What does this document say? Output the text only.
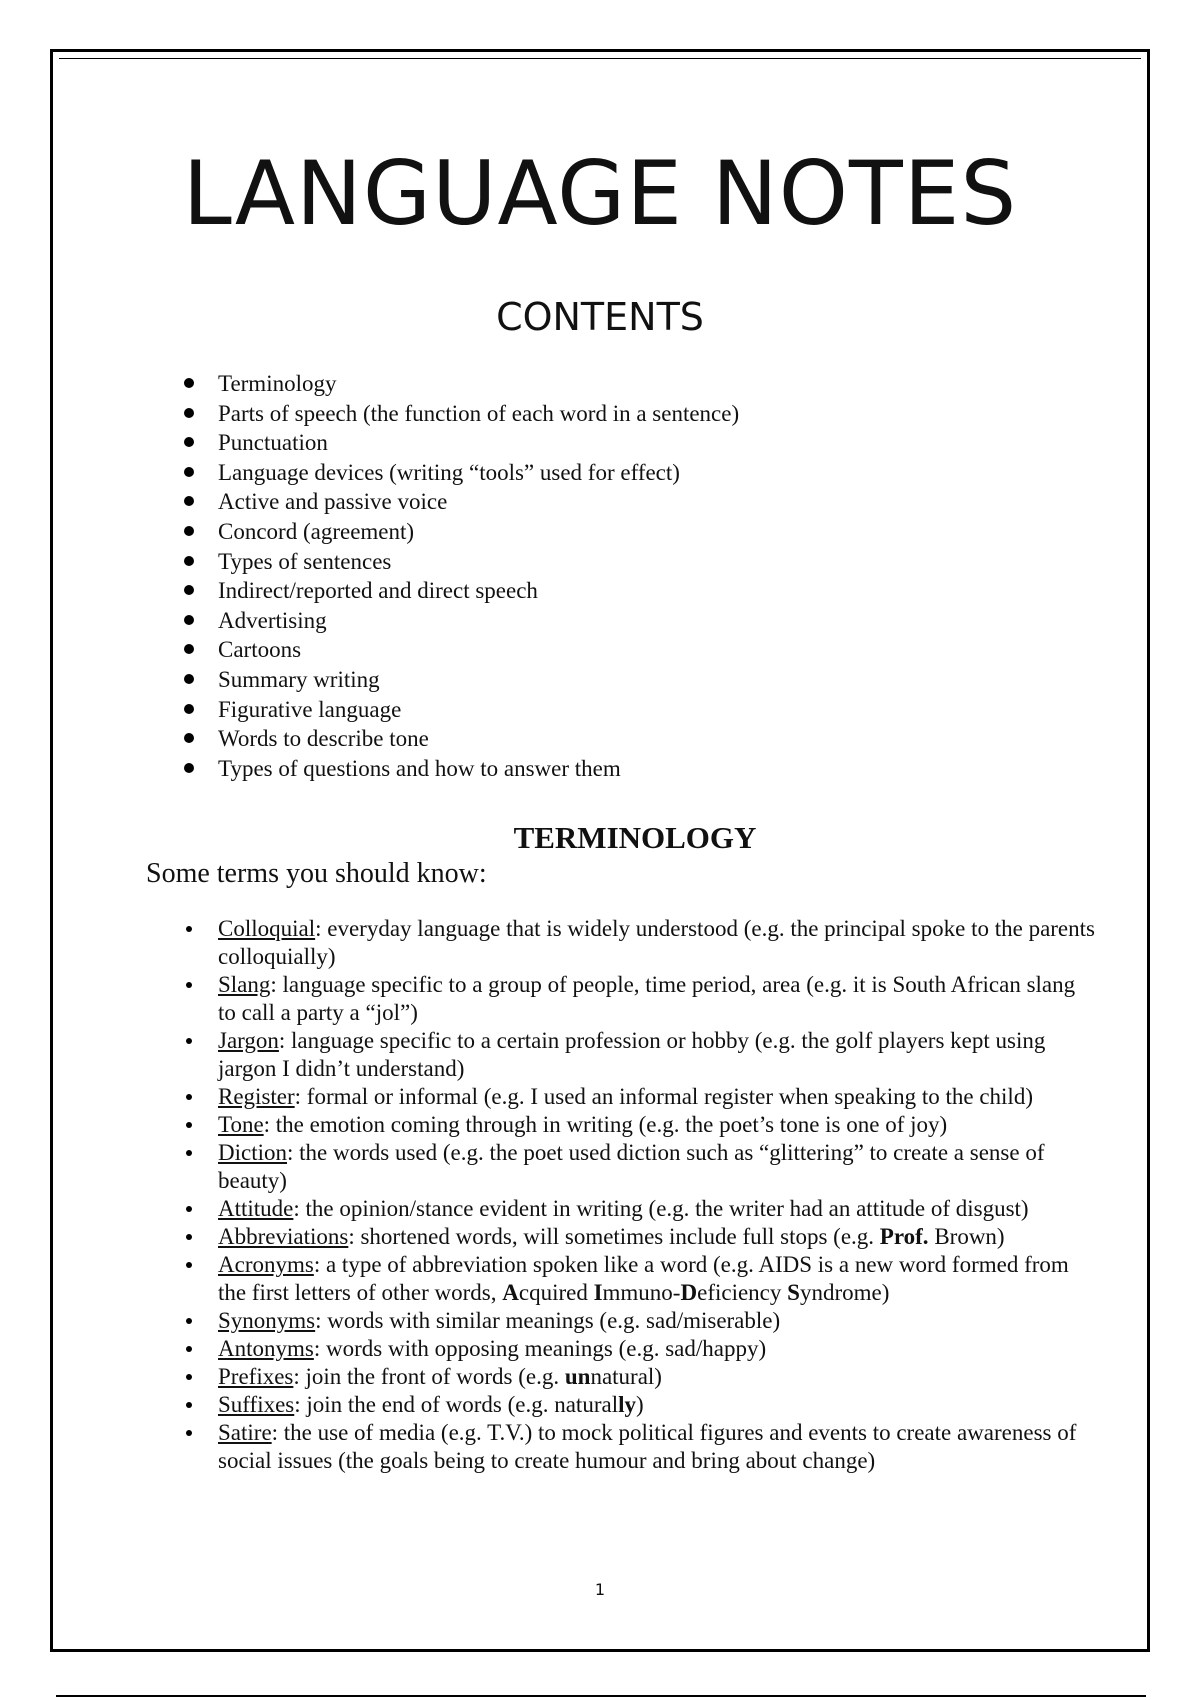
LANGUAGE NOTES
CONTENTS
Terminology
Parts of speech (the function of each word in a sentence)
Punctuation
Language devices (writing “tools” used for effect)
Active and passive voice
Concord (agreement)
Types of sentences
Indirect/reported and direct speech
Advertising
Cartoons
Summary writing
Figurative language
Words to describe tone
Types of questions and how to answer them
TERMINOLOGY
Some terms you should know:
Colloquial: everyday language that is widely understood (e.g. the principal spoke to the parents colloquially)
Slang: language specific to a group of people, time period, area (e.g. it is South African slang to call a party a “jol”)
Jargon: language specific to a certain profession or hobby (e.g. the golf players kept using jargon I didn’t understand)
Register: formal or informal (e.g. I used an informal register when speaking to the child)
Tone: the emotion coming through in writing (e.g. the poet’s tone is one of joy)
Diction: the words used (e.g. the poet used diction such as “glittering” to create a sense of beauty)
Attitude: the opinion/stance evident in writing (e.g. the writer had an attitude of disgust)
Abbreviations: shortened words, will sometimes include full stops (e.g. Prof. Brown)
Acronyms: a type of abbreviation spoken like a word (e.g. AIDS is a new word formed from the first letters of other words, Acquired Immuno-Deficiency Syndrome)
Synonyms: words with similar meanings (e.g. sad/miserable)
Antonyms: words with opposing meanings (e.g. sad/happy)
Prefixes: join the front of words (e.g. unnatural)
Suffixes: join the end of words (e.g. naturally)
Satire: the use of media (e.g. T.V.) to mock political figures and events to create awareness of social issues (the goals being to create humour and bring about change)
1
